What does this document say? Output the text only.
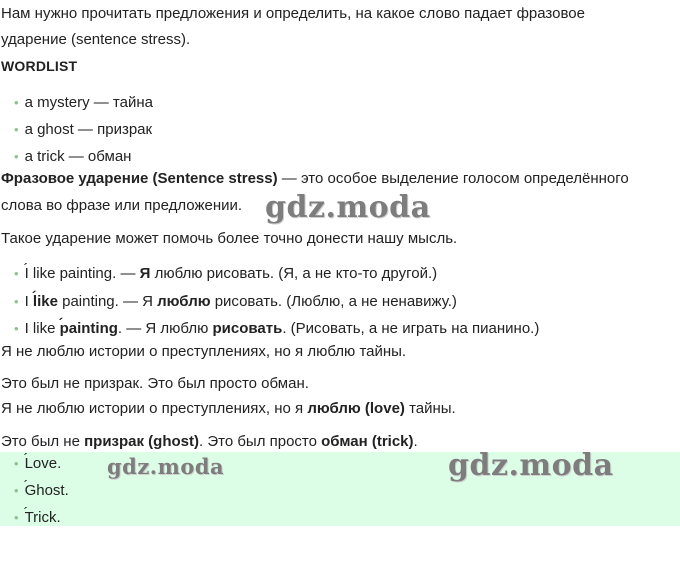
Нам нужно прочитать предложения и определить, на какое слово падает фразовое
ударение (sentence stress).
WORDLIST
• a mystery — тайна
• a ghost — призрак
• a trick — обман
Фразовое ударение (Sentence stress) — это особое выделение голосом определённого
слова во фразе или предложении.
Такое ударение может помочь более точно донести нашу мысль.
• ´ I like painting. — Я люблю рисовать. (Я, а не кто-то другой.)
• I ´ like painting. — Я люблю рисовать. (Люблю, а не ненавижу.)
• I like ´ painting. — Я люблю рисовать. (Рисовать, а не играть на пианино.)
Я не люблю истории о преступлениях, но я люблю тайны.
Это был не призрак. Это был просто обман.
Я не люблю истории о преступлениях, но я люблю (love) тайны.
Это был не призрак (ghost). Это был просто обман (trick).
• ´ Love.
• ´ Ghost.
• ´ Trick.
gdz.moda
gdz.moda	gdz.moda
